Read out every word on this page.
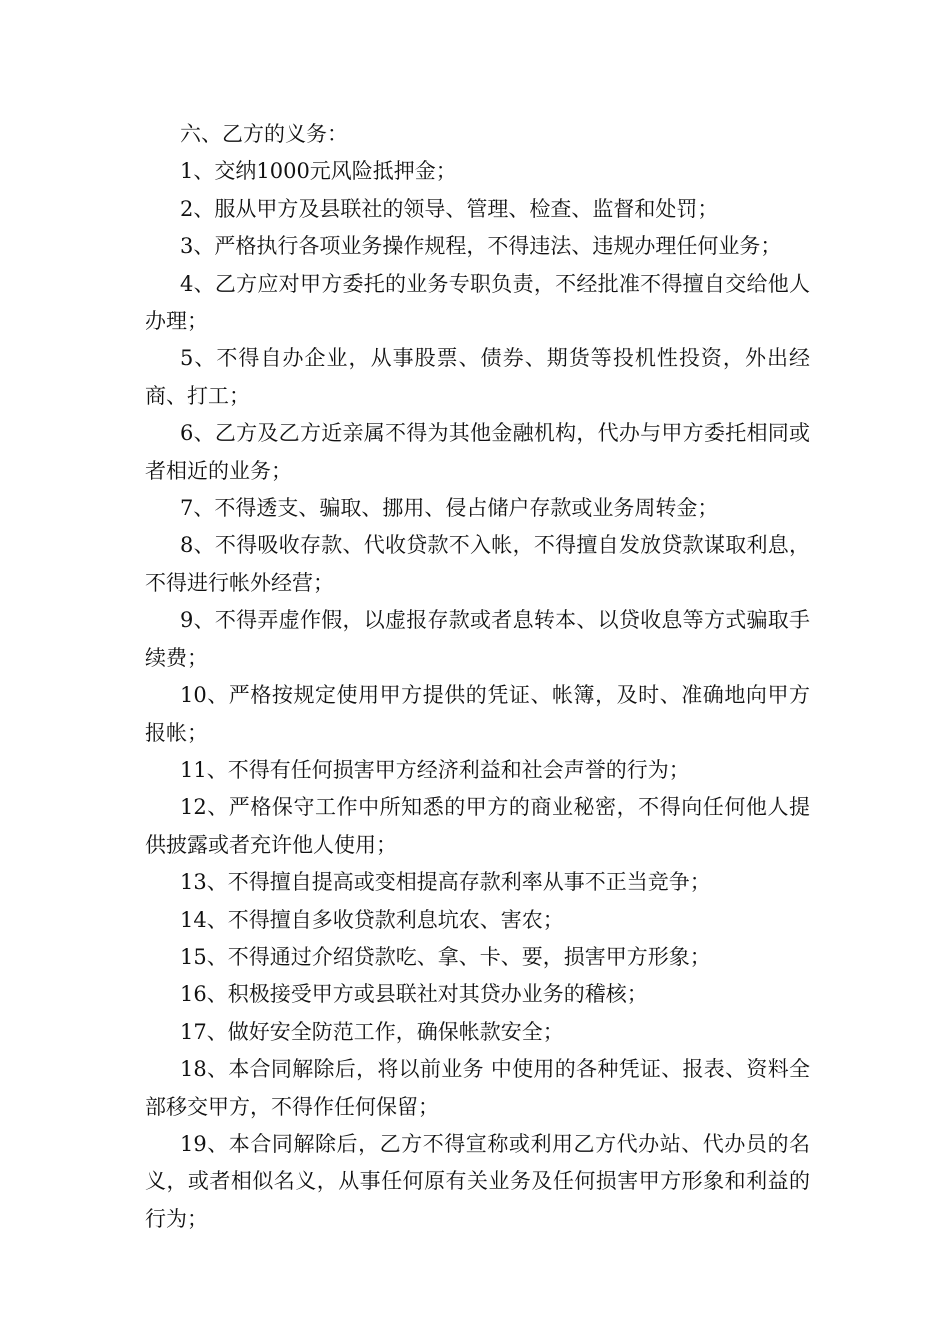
六、乙方的义务：

1、交纳1000元风险抵押金；

2、服从甲方及县联社的领导、管理、检查、监督和处罚；

3、严格执行各项业务操作规程，不得违法、违规办理任何业务；

4、乙方应对甲方委托的业务专职负责，不经批准不得擅自交给他人办理；

5、不得自办企业，从事股票、债券、期货等投机性投资，外出经商、打工；

6、乙方及乙方近亲属不得为其他金融机构，代办与甲方委托相同或者相近的业务；

7、不得透支、骗取、挪用、侵占储户存款或业务周转金；

8、不得吸收存款、代收贷款不入帐，不得擅自发放贷款谋取利息，不得进行帐外经营；

9、不得弄虚作假，以虚报存款或者息转本、以贷收息等方式骗取手续费；

10、严格按规定使用甲方提供的凭证、帐簿，及时、准确地向甲方报帐；

11、不得有任何损害甲方经济利益和社会声誉的行为；

12、严格保守工作中所知悉的甲方的商业秘密，不得向任何他人提供披露或者充许他人使用；

13、不得擅自提高或变相提高存款利率从事不正当竞争；

14、不得擅自多收贷款利息坑农、害农；

15、不得通过介绍贷款吃、拿、卡、要，损害甲方形象；

16、积极接受甲方或县联社对其贷办业务的稽核；

17、做好安全防范工作，确保帐款安全；

18、本合同解除后，将以前业务 中使用的各种凭证、报表、资料全部移交甲方，不得作任何保留；

19、本合同解除后，乙方不得宣称或利用乙方代办站、代办员的名义，或者相似名义，从事任何原有关业务及任何损害甲方形象和利益的行为；
